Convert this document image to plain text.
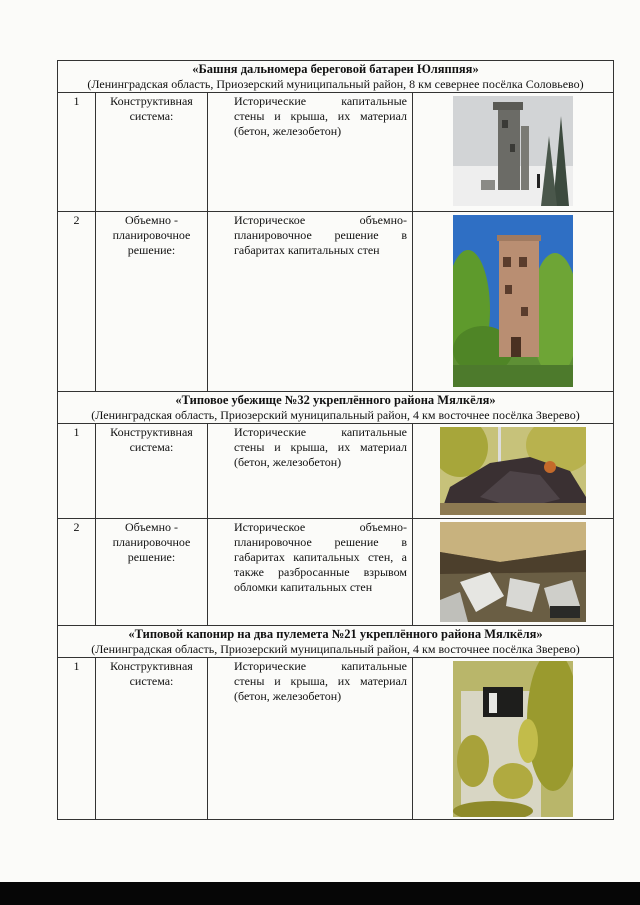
«Башня дальномера береговой батареи Юляппяя»
(Ленинградская область, Приозерский муниципальный район, 8 км севернее посёлка Соловьево)			

1	Конструктивная система:	Исторические капитальные стены и крыша, их материал (бетон, железобетон)

2	Объемно - планировочное решение:	Историческое объемно-планировочное решение в габаритах капитальных стен

«Типовое убежище №32 укреплённого района Мялкёля»
(Ленинградская область, Приозерский муниципальный район, 4 км восточнее посёлка Зверево)			

1	Конструктивная система:	Исторические капитальные стены и крыша, их материал (бетон, железобетон)

2	Объемно - планировочное решение:	Историческое объемно-планировочное решение в габаритах капитальных стен, а также разбросанные взрывом обломки капитальных стен

«Типовой капонир на два пулемета №21 укреплённого района Мялкёля»
(Ленинградская область, Приозерский муниципальный район, 4 км восточнее посёлка Зверево)			

1	Конструктивная система:	Исторические капитальные стены и крыша, их материал (бетон, железобетон)
